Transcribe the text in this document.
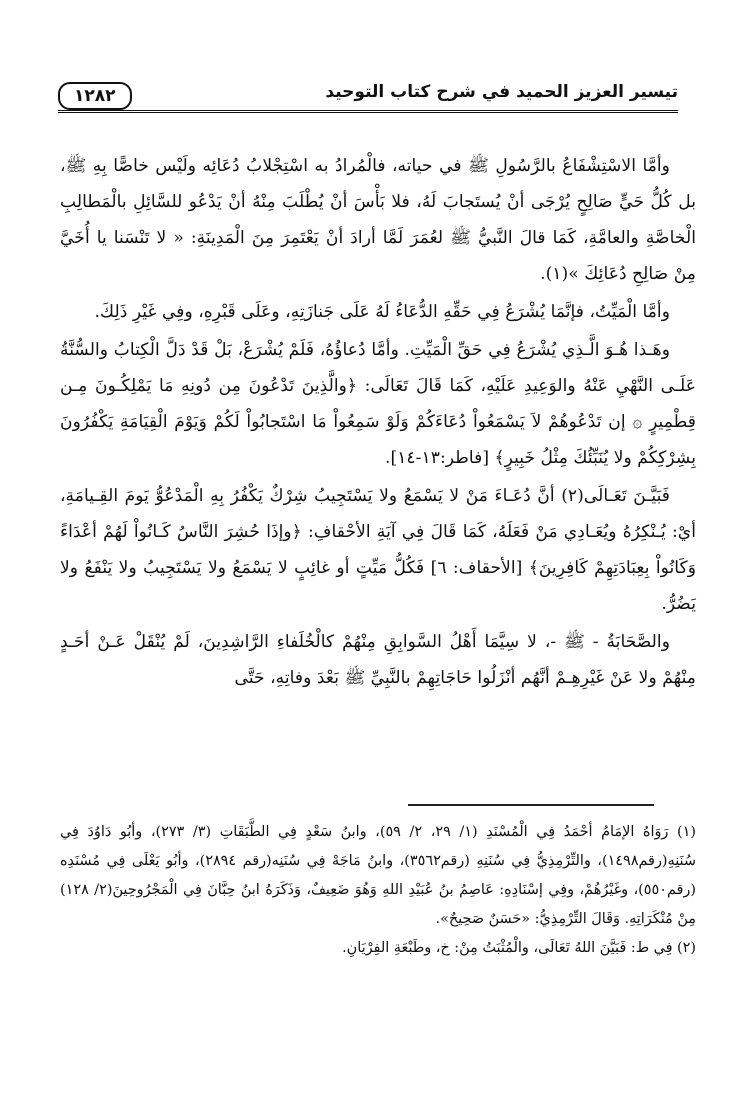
تيسير العزيز الحميد في شرح كتاب التوحيد
١٢٨٢

وأمَّا الاسْتِشْفَاعُ بالرَّسُولِ ﷺ في حياته، فالْمُرادُ به اسْتِجْلابُ دُعَائِه ولَيْس خاصًّا بِهِ ﷺ، بل كُلُّ حَيٍّ صَالِحٍ يُرْجَى أنْ يُستَجابَ لَهُ، فلا بَأْسَ أنْ يُطْلَبَ مِنْهُ أنْ يَدْعُو للسَّائِلِ بالْمَطالِبِ الْخاصَّةِ والعامَّةِ، كَمَا قالَ النَّبيُّ ﷺ لعُمَرَ لَمَّا أرادَ أنْ يَعْتَمِرَ مِنَ الْمَدِينَةِ: « لا تَنْسَنا يا أُخَيَّ مِنْ صَالِحِ دُعَائِكَ »(١).

وأمَّا الْمَيِّتُ، فإنَّمَا يُشْرَعُ فِي حَقِّهِ الدُّعَاءُ لَهُ عَلَى جَنازَتِهِ، وعَلَى قَبْرِهِ، وفِي غَيْرِ ذَلِكَ.

وهَـذا هُـوَ الَّـذِي يُشْرَعُ فِي حَقِّ الْمَيِّتِ. وأمَّا دُعاؤُهُ، فَلَمْ يُشْرَعْ، بَلْ قَدْ دَلَّ الْكِتابُ والسُّنَّةُ عَلَـى النَّهْيِ عَنْهُ والوَعِيدِ عَلَيْهِ، كَمَا قَالَ تَعَالَى: ﴿والَّذِينَ تَدْعُونَ مِن دُونِهِ مَا يَمْلِكُـونَ مِـن قِطْمِيرٍ ۞ إن تَدْعُوهُمْ لاَ يَسْمَعُواْ دُعَاءَكُمْ وَلَوْ سَمِعُواْ مَا اسْتَجابُواْ لَكُمْ وَيَوْمَ الْقِيَامَةِ يَكْفُرُونَ بِشِرْكِكُمْ ولا يُنَبِّئُكَ مِثْلُ خَبِيرٍ﴾ [فاطر:١٣-١٤].

فَبَيَّـنَ تَعَـالَى(٢) أنَّ دُعَـاءَ مَنْ لا يَسْمَعُ ولا يَسْتَجِيبُ شِرْكٌ يَكْفُرُ بِهِ الْمَدْعُوُّ يَومَ القِـيامَةِ، أيْ: يُـنْكِرُهُ ويُعَـادِي مَنْ فَعَلَهُ، كَمَا قَالَ فِي آيَةِ الأحْقافِ: ﴿وإذَا حُشِرَ النَّاسُ كَـانُواْ لَهُمْ أعْدَاءً وَكَانُواْ بِعِبَادَتِهِمْ كَافِرِينَ﴾ [الأحقاف: ٦] فَكُلُّ مَيِّتٍ أو غائِبٍ لا يَسْمَعُ ولا يَسْتَجِيبُ ولا يَنْفَعُ ولا يَضُرُّ.

والصَّحَابَةُ - ﷺ -، لا سِيَّمَا أَهْلُ السَّوابِقِ مِنْهُمْ كالْخُلَفاءِ الرَّاشِدِينَ، لَمْ يُنْقَلْ عَـنْ أحَـدٍ مِنْهُمْ ولا عَنْ غَيْرِهِـمْ أنَّهُم أنْزَلُوا حَاجَاتِهِمْ بالنَّبِيِّ ﷺ بَعْدَ وفاتِهِ، حَتَّى

(١) رَوَاهُ الإمَامُ أحْمَدُ فِي الْمُسْنَدِ (١/ ٢٩، ٢/ ٥٩)، وابنُ سَعْدٍ فِي الطَّبَقَاتِ (٣/ ٢٧٣)، وأبُو دَاوُدَ فِي سُنَنِهِ(رقم١٤٩٨)، والتِّرْمِذِيُّ فِي سُنَنِهِ (رقم٣٥٦٢)، وابنُ مَاجَهْ فِي سُنَنِه(رقم ٢٨٩٤)، وأبُو يَعْلَى فِي مُسْنَدِه (رقم٥٥٠)، وغَيْرُهُمْ، وفِي إسْنَادِهِ: عَاصِمُ بنُ عُبَيْدِ اللهِ وَهُوَ ضَعِيفٌ، وَذَكَرَهُ ابنُ حِبَّانَ فِي الْمَجْرُوحِينَ(٢/ ١٢٨) مِنْ مُنْكَرَاتِهِ. وَقَالَ التِّرْمِذِيُّ: «حَسَنٌ صَحِيحٌ».

(٢) فِي ط: فَبَيَّنَ اللهُ تَعَالَى، والْمُثْبَتُ مِنْ: خ، وطَبْعَةِ الفِرْيَانِ.
